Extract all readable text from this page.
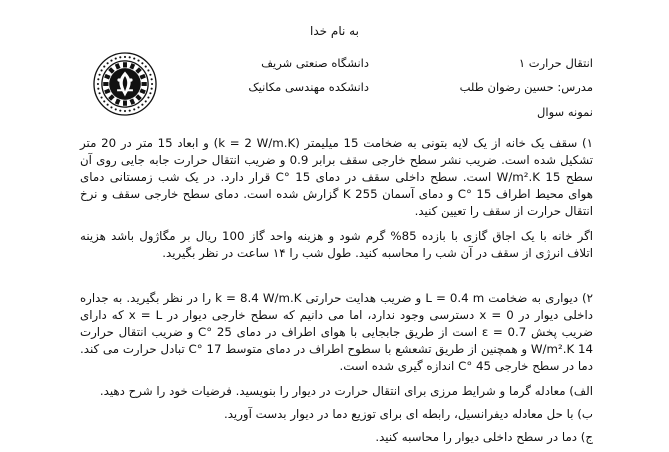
به نام خدا
انتقال حرارت ۱
دانشگاه صنعتی شریف
مدرس: حسین رضوان طلب
دانشکده مهندسی مکانیک
نمونه سوال

۱) سقف یک خانه از یک لایه بتونی به ضخامت 15 میلیمتر (k = 2 W/m.K) و ابعاد 15 متر در 20 متر تشکیل شده است. ضریب نشر سطح خارجی سقف برابر 0.9 و ضریب انتقال حرارت جابه جایی روی آن سطح 15 W/m².K است. سطح داخلی سقف در دمای 15 °C قرار دارد. در یک شب زمستانی دمای هوای محیط اطراف 15 °C و دمای آسمان 255 K گزارش شده است. دمای سطح خارجی سقف و نرخ انتقال حرارت از سقف را تعیین کنید.

اگر خانه با یک اجاق گازی با بازده 85% گرم شود و هزینه واحد گاز 100 ریال بر مگاژول باشد هزینه اتلاف انرژی از سقف در آن شب را محاسبه کنید. طول شب را ۱۴ ساعت در نظر بگیرید.

۲) دیواری به ضخامت L = 0.4 m و ضریب هدایت حرارتی k = 8.4 W/m.K را در نظر بگیرید. به جداره داخلی دیوار در x = 0 دسترسی وجود ندارد، اما می دانیم که سطح خارجی دیوار در x = L که دارای ضریب پخش ε = 0.7 است از طریق جابجایی با هوای اطراف در دمای 25 °C و ضریب انتقال حرارت 14 W/m².K و همچنین از طریق تشعشع با سطوح اطراف در دمای متوسط 17 °C تبادل حرارت می کند. دما در سطح خارجی 45 °C اندازه گیری شده است.

الف) معادله گرما و شرایط مرزی برای انتقال حرارت در دیوار را بنویسید. فرضیات خود را شرح دهید.

ب) با حل معادله دیفرانسیل، رابطه ای برای توزیع دما در دیوار بدست آورید.

ج) دما در سطح داخلی دیوار را محاسبه کنید.
